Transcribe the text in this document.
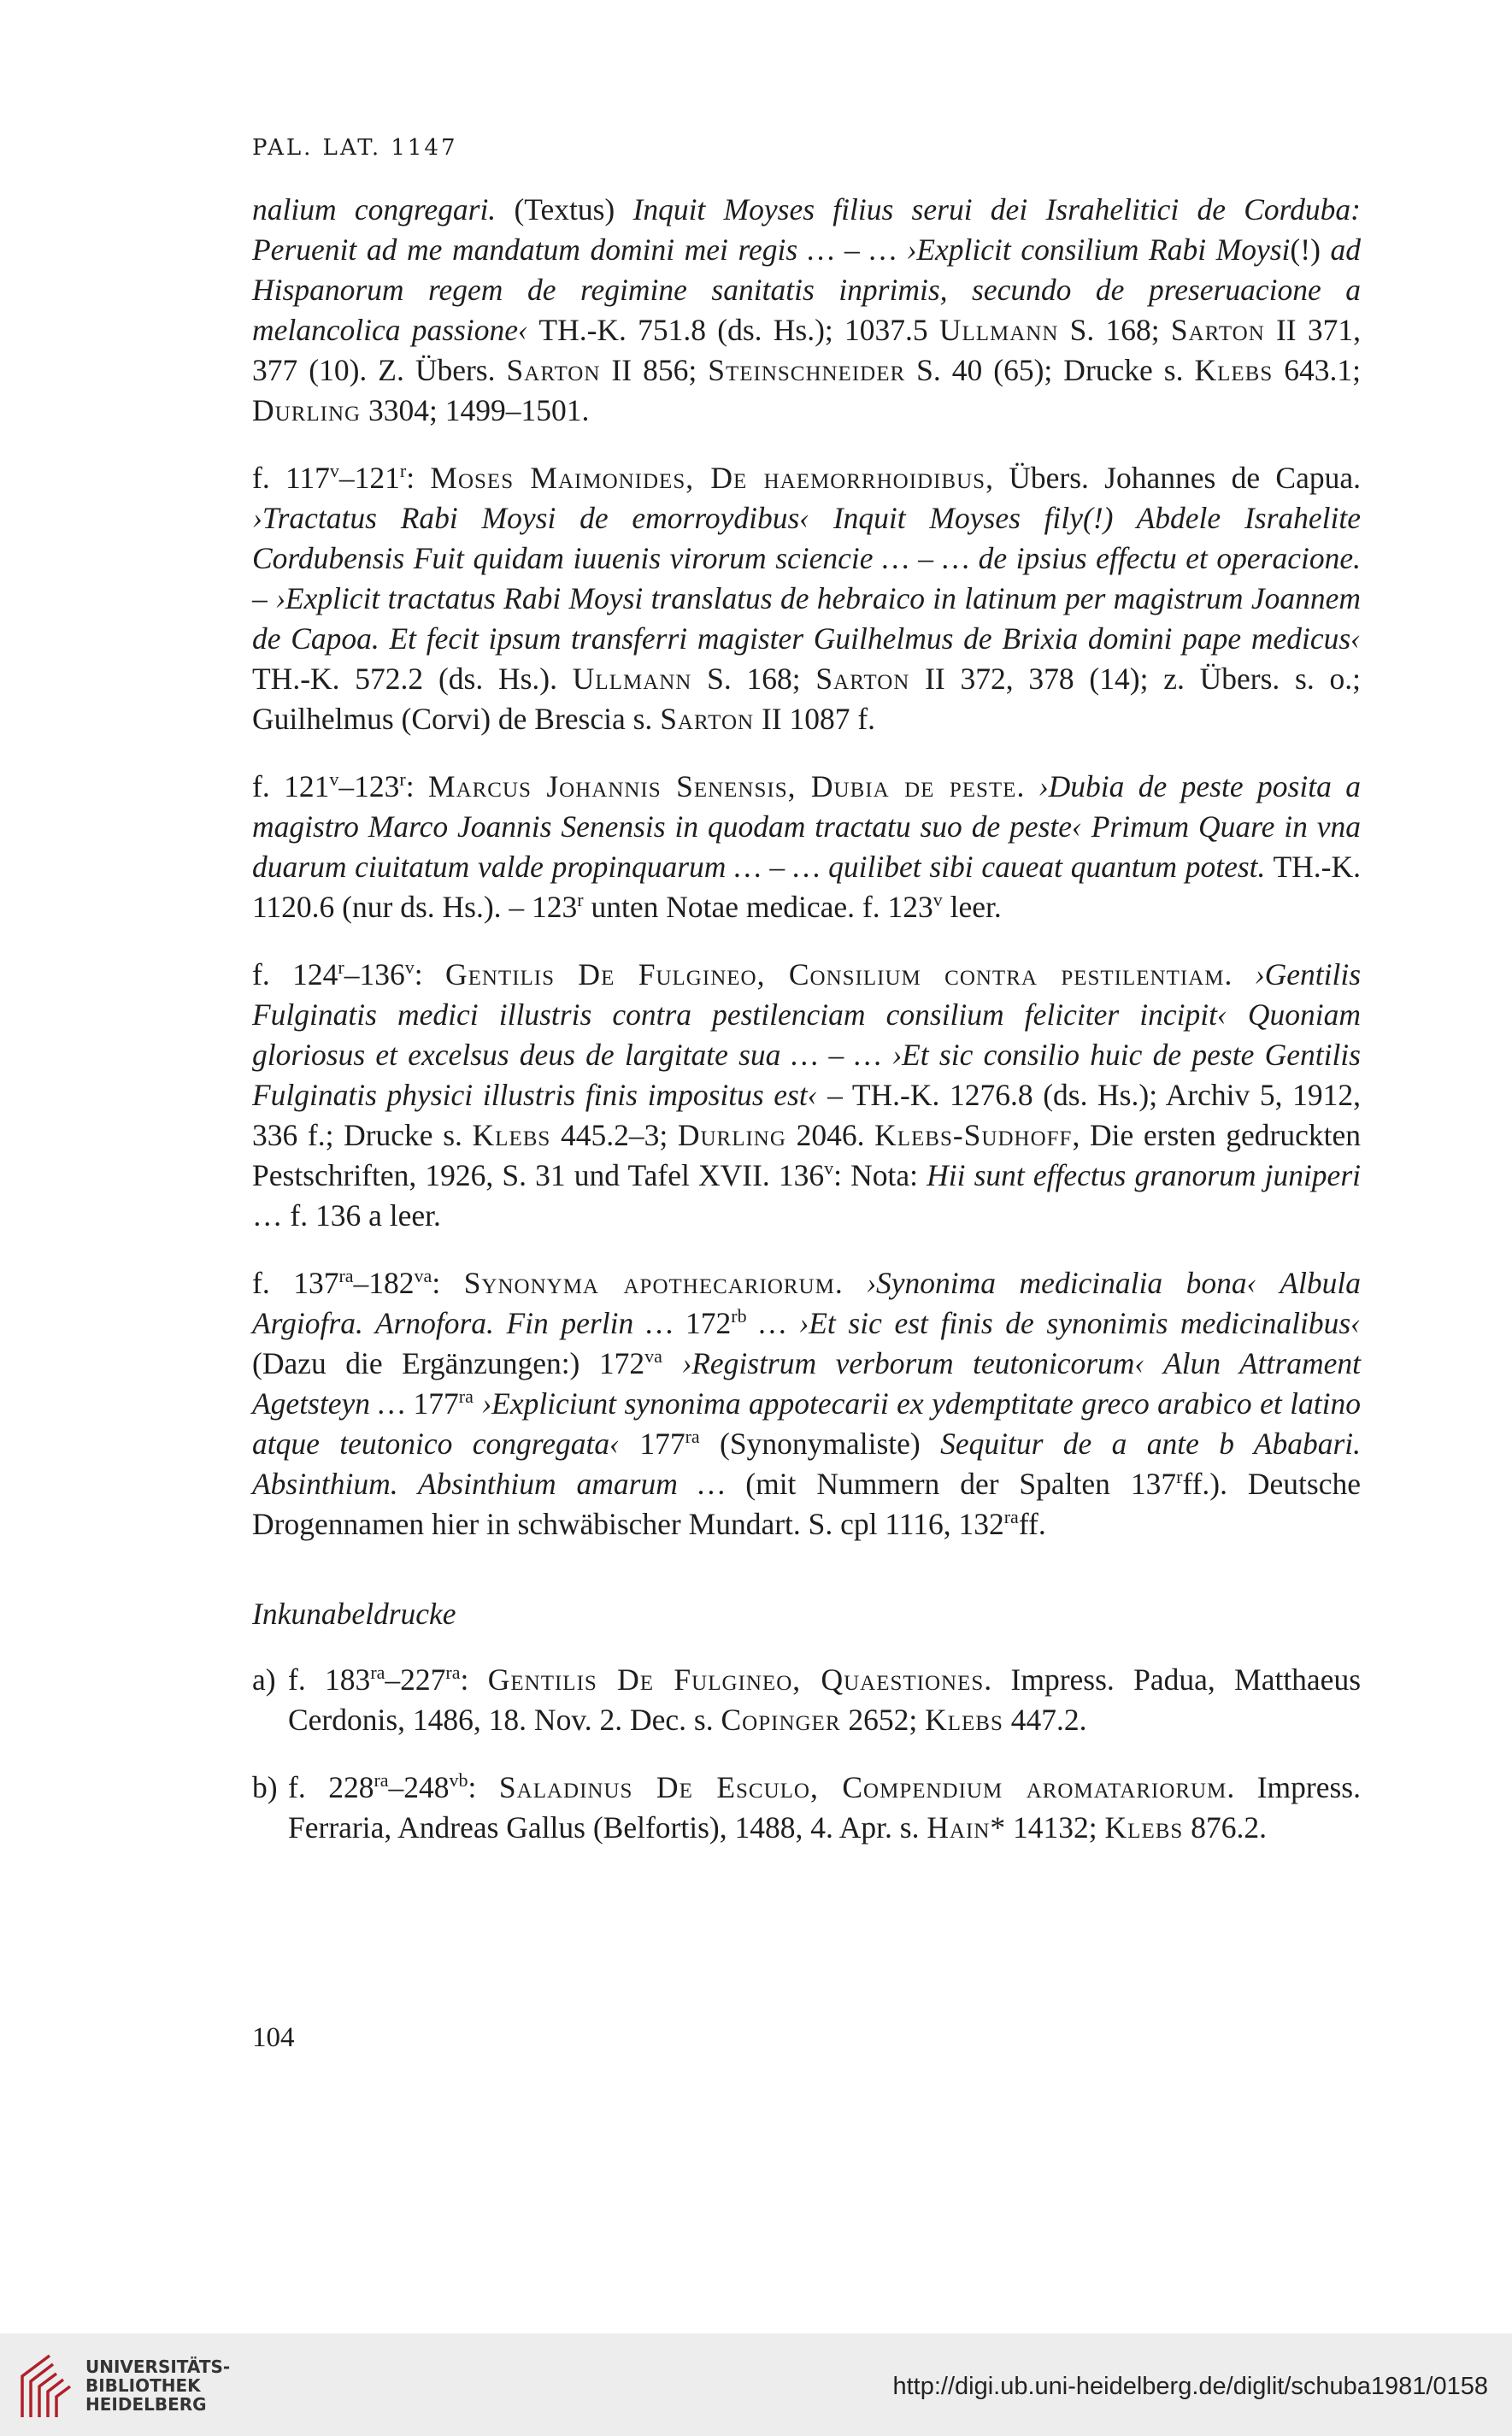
PAL. LAT. 1147

nalium congregari. (Textus) Inquit Moyses filius serui dei Israhelitici de Corduba: Peruenit ad me mandatum domini mei regis … – … ›Explicit consilium Rabi Moysi(!) ad Hispanorum regem de regimine sanitatis inprimis, secundo de preseruacione a melancolica passione‹ TH.-K. 751.8 (ds. Hs.); 1037.5 Ullmann S. 168; Sarton II 371, 377 (10). Z. Übers. Sarton II 856; Steinschneider S. 40 (65); Drucke s. Klebs 643.1; Durling 3304; 1499–1501.

f. 117$^v$–121$^r$: Moses Maimonides, De haemorrhoidibus, Übers. Johannes de Capua. ›Tractatus Rabi Moysi de emorroydibus‹ Inquit Moyses fily(!) Abdele Israhelite Cordubensis Fuit quidam iuuenis virorum sciencie … – … de ipsius effectu et operacione. – ›Explicit tractatus Rabi Moysi translatus de hebraico in latinum per magistrum Joannem de Capoa. Et fecit ipsum transferri magister Guilhelmus de Brixia domini pape medicus‹ TH.-K. 572.2 (ds. Hs.). Ullmann S. 168; Sarton II 372, 378 (14); z. Übers. s. o.; Guilhelmus (Corvi) de Brescia s. Sarton II 1087 f.

f. 121$^v$–123$^r$: Marcus Johannis Senensis, Dubia de peste. ›Dubia de peste posita a magistro Marco Joannis Senensis in quodam tractatu suo de peste‹ Primum Quare in vna duarum ciuitatum valde propinquarum … – … quilibet sibi caueat quantum potest. TH.-K. 1120.6 (nur ds. Hs.). – 123$^r$ unten Notae medicae. f. 123$^v$ leer.

f. 124$^r$–136$^v$: Gentilis De Fulgineo, Consilium contra pestilentiam. ›Gentilis Fulginatis medici illustris contra pestilenciam consilium feliciter incipit‹ Quoniam gloriosus et excelsus deus de largitate sua … – … ›Et sic consilio huic de peste Gentilis Fulginatis physici illustris finis impositus est‹ – TH.-K. 1276.8 (ds. Hs.); Archiv 5, 1912, 336 f.; Drucke s. Klebs 445.2–3; Durling 2046. Klebs-Sudhoff, Die ersten gedruckten Pestschriften, 1926, S. 31 und Tafel XVII. 136$^v$: Nota: Hii sunt effectus granorum juniperi … f. 136 a leer.

f. $137^{ra}-182^{va}$: Synonyma apothecariorum. ›Synonima medicinalia bona‹ Albula Argiofra. Arnofora. Fin perlin … $172^{rb}$ … ›Et sic est finis de synonimis medicinalibus‹ (Dazu die Ergänzungen:) $172^{va}$ ›Registrum verborum teutonicorum‹ Alun Attrament Agetsteyn … $177^{ra}$ ›Expliciunt synonima appotecarii ex ydemptitate greco arabico et latino atque teutonico congregata‹ $177^{ra}$ (Synonymaliste) Sequitur de a ante b Ababari. Absinthium. Absinthium amarum … (mit Nummern der Spalten 137$^r$ff.). Deutsche Drogennamen hier in schwäbischer Mundart. S. cpl 1116, $132^{ra}ff$.

Inkunabeldrucke

a) f. $183^{ra}-227^{ra}$: Gentilis De Fulgineo, Quaestiones. Impress. Padua, Matthaeus Cerdonis, 1486, 18. Nov. 2. Dec. s. Copinger 2652; Klebs 447.2.

b) f. $228^{ra}-248^{vb}$: Saladinus De Esculo, Compendium aromatariorum. Impress. Ferraria, Andreas Gallus (Belfortis), 1488, 4. Apr. s. Hain* 14132; Klebs 876.2.

104
UNIVERSITÄTS-
BIBLIOTHEK
HEIDELBERG
http://digi.ub.uni-heidelberg.de/diglit/schuba1981/0158
